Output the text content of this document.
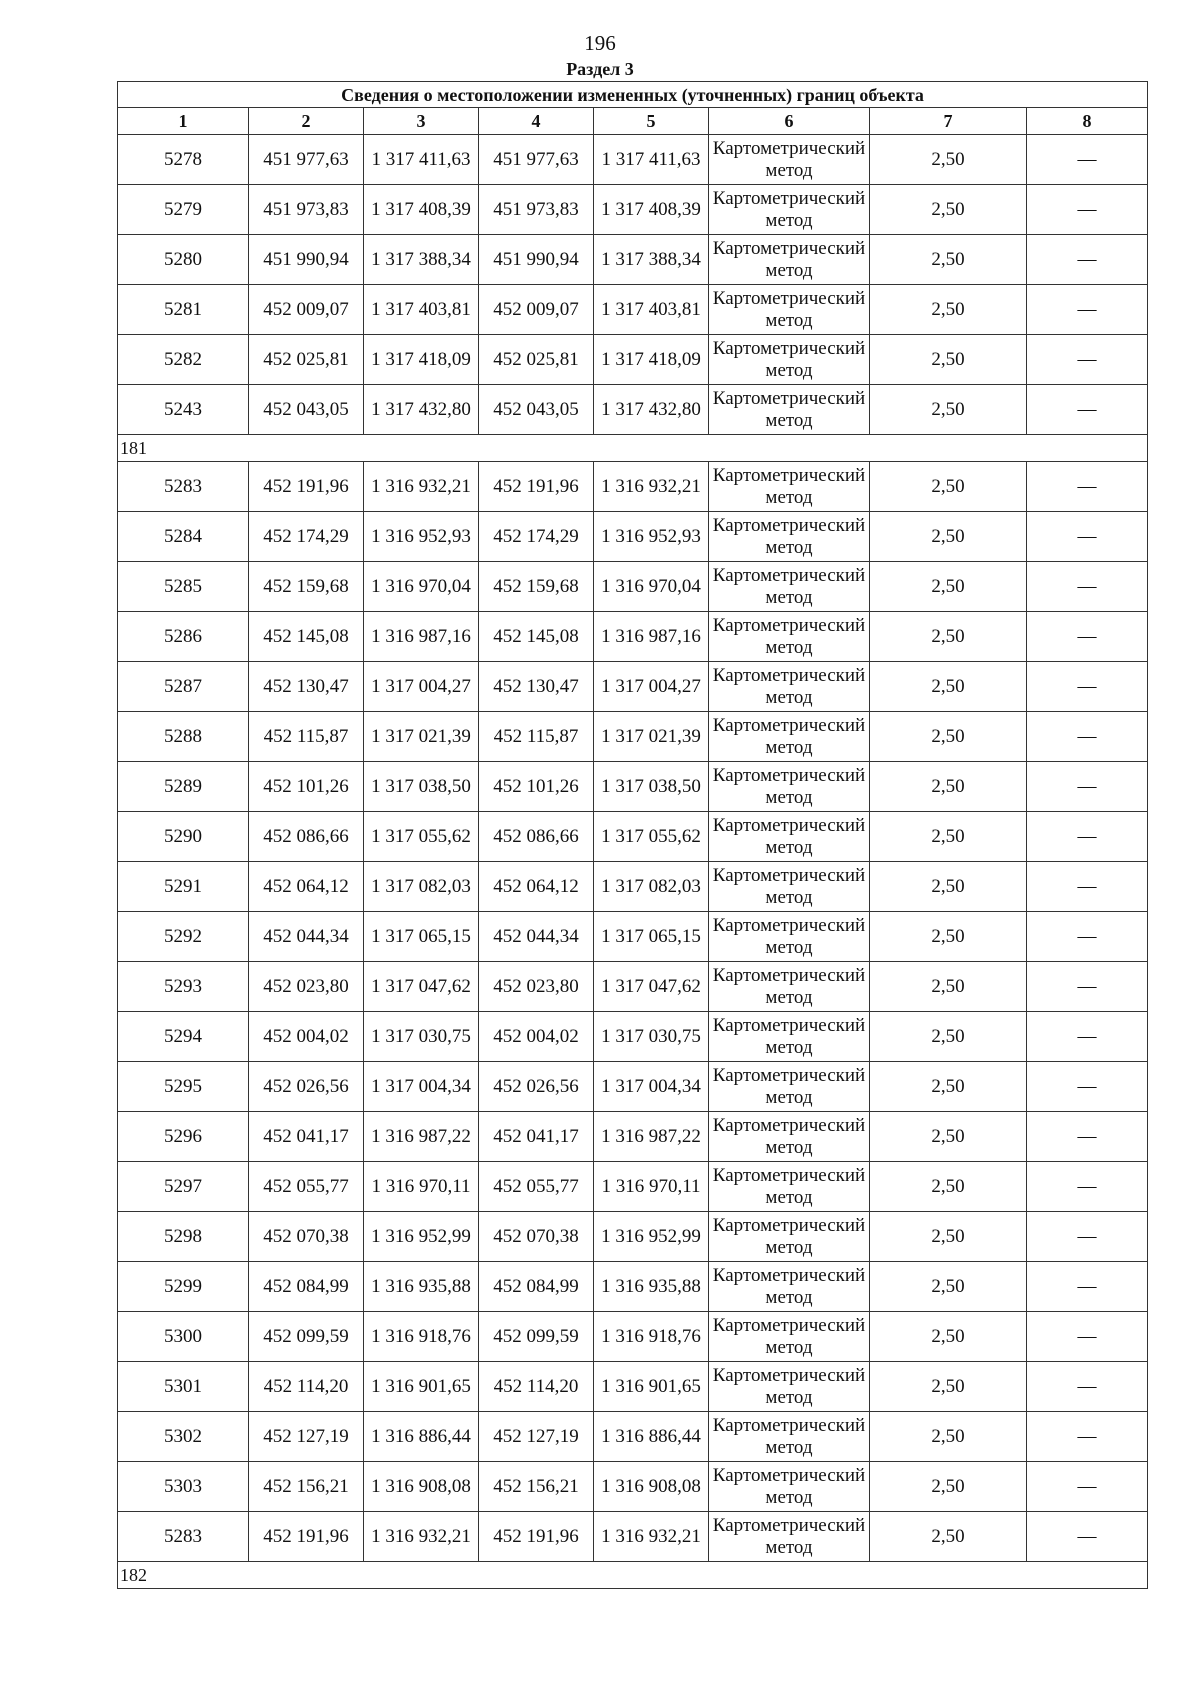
196
Раздел 3
Сведения о местоположении измененных (уточненных) границ объекта							
1	2	3	4	5	6	7	8
5278	451 977,63	1 317 411,63	451 977,63	1 317 411,63	Картометрический метод	2,50	—
5279	451 973,83	1 317 408,39	451 973,83	1 317 408,39	Картометрический метод	2,50	—
5280	451 990,94	1 317 388,34	451 990,94	1 317 388,34	Картометрический метод	2,50	—
5281	452 009,07	1 317 403,81	452 009,07	1 317 403,81	Картометрический метод	2,50	—
5282	452 025,81	1 317 418,09	452 025,81	1 317 418,09	Картометрический метод	2,50	—
5243	452 043,05	1 317 432,80	452 043,05	1 317 432,80	Картометрический метод	2,50	—
181							
5283	452 191,96	1 316 932,21	452 191,96	1 316 932,21	Картометрический метод	2,50	—
5284	452 174,29	1 316 952,93	452 174,29	1 316 952,93	Картометрический метод	2,50	—
5285	452 159,68	1 316 970,04	452 159,68	1 316 970,04	Картометрический метод	2,50	—
5286	452 145,08	1 316 987,16	452 145,08	1 316 987,16	Картометрический метод	2,50	—
5287	452 130,47	1 317 004,27	452 130,47	1 317 004,27	Картометрический метод	2,50	—
5288	452 115,87	1 317 021,39	452 115,87	1 317 021,39	Картометрический метод	2,50	—
5289	452 101,26	1 317 038,50	452 101,26	1 317 038,50	Картометрический метод	2,50	—
5290	452 086,66	1 317 055,62	452 086,66	1 317 055,62	Картометрический метод	2,50	—
5291	452 064,12	1 317 082,03	452 064,12	1 317 082,03	Картометрический метод	2,50	—
5292	452 044,34	1 317 065,15	452 044,34	1 317 065,15	Картометрический метод	2,50	—
5293	452 023,80	1 317 047,62	452 023,80	1 317 047,62	Картометрический метод	2,50	—
5294	452 004,02	1 317 030,75	452 004,02	1 317 030,75	Картометрический метод	2,50	—
5295	452 026,56	1 317 004,34	452 026,56	1 317 004,34	Картометрический метод	2,50	—
5296	452 041,17	1 316 987,22	452 041,17	1 316 987,22	Картометрический метод	2,50	—
5297	452 055,77	1 316 970,11	452 055,77	1 316 970,11	Картометрический метод	2,50	—
5298	452 070,38	1 316 952,99	452 070,38	1 316 952,99	Картометрический метод	2,50	—
5299	452 084,99	1 316 935,88	452 084,99	1 316 935,88	Картометрический метод	2,50	—
5300	452 099,59	1 316 918,76	452 099,59	1 316 918,76	Картометрический метод	2,50	—
5301	452 114,20	1 316 901,65	452 114,20	1 316 901,65	Картометрический метод	2,50	—
5302	452 127,19	1 316 886,44	452 127,19	1 316 886,44	Картометрический метод	2,50	—
5303	452 156,21	1 316 908,08	452 156,21	1 316 908,08	Картометрический метод	2,50	—
5283	452 191,96	1 316 932,21	452 191,96	1 316 932,21	Картометрический метод	2,50	—
182							
